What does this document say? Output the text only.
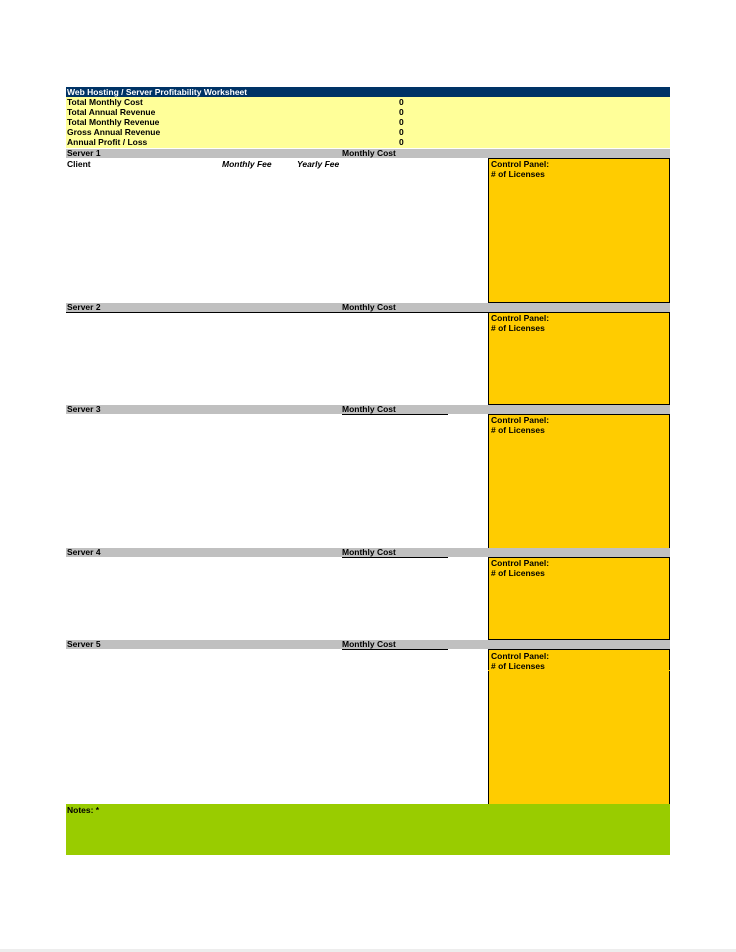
Web Hosting / Server Profitability Worksheet
Total Monthly Cost	0
Total Annual Revenue	0
Total Monthly Revenue	0
Gross Annual Revenue	0
Annual Profit / Loss	0
Server 1	Monthly Cost
Client	Monthly Fee	Yearly Fee	Control Panel:
# of Licenses
Server 2	Monthly Cost
Control Panel:
# of Licenses
Server 3	Monthly Cost
Control Panel:
# of Licenses
Server 4	Monthly Cost
Control Panel:
# of Licenses
Server 5	Monthly Cost
Control Panel:
# of Licenses
Notes: *
